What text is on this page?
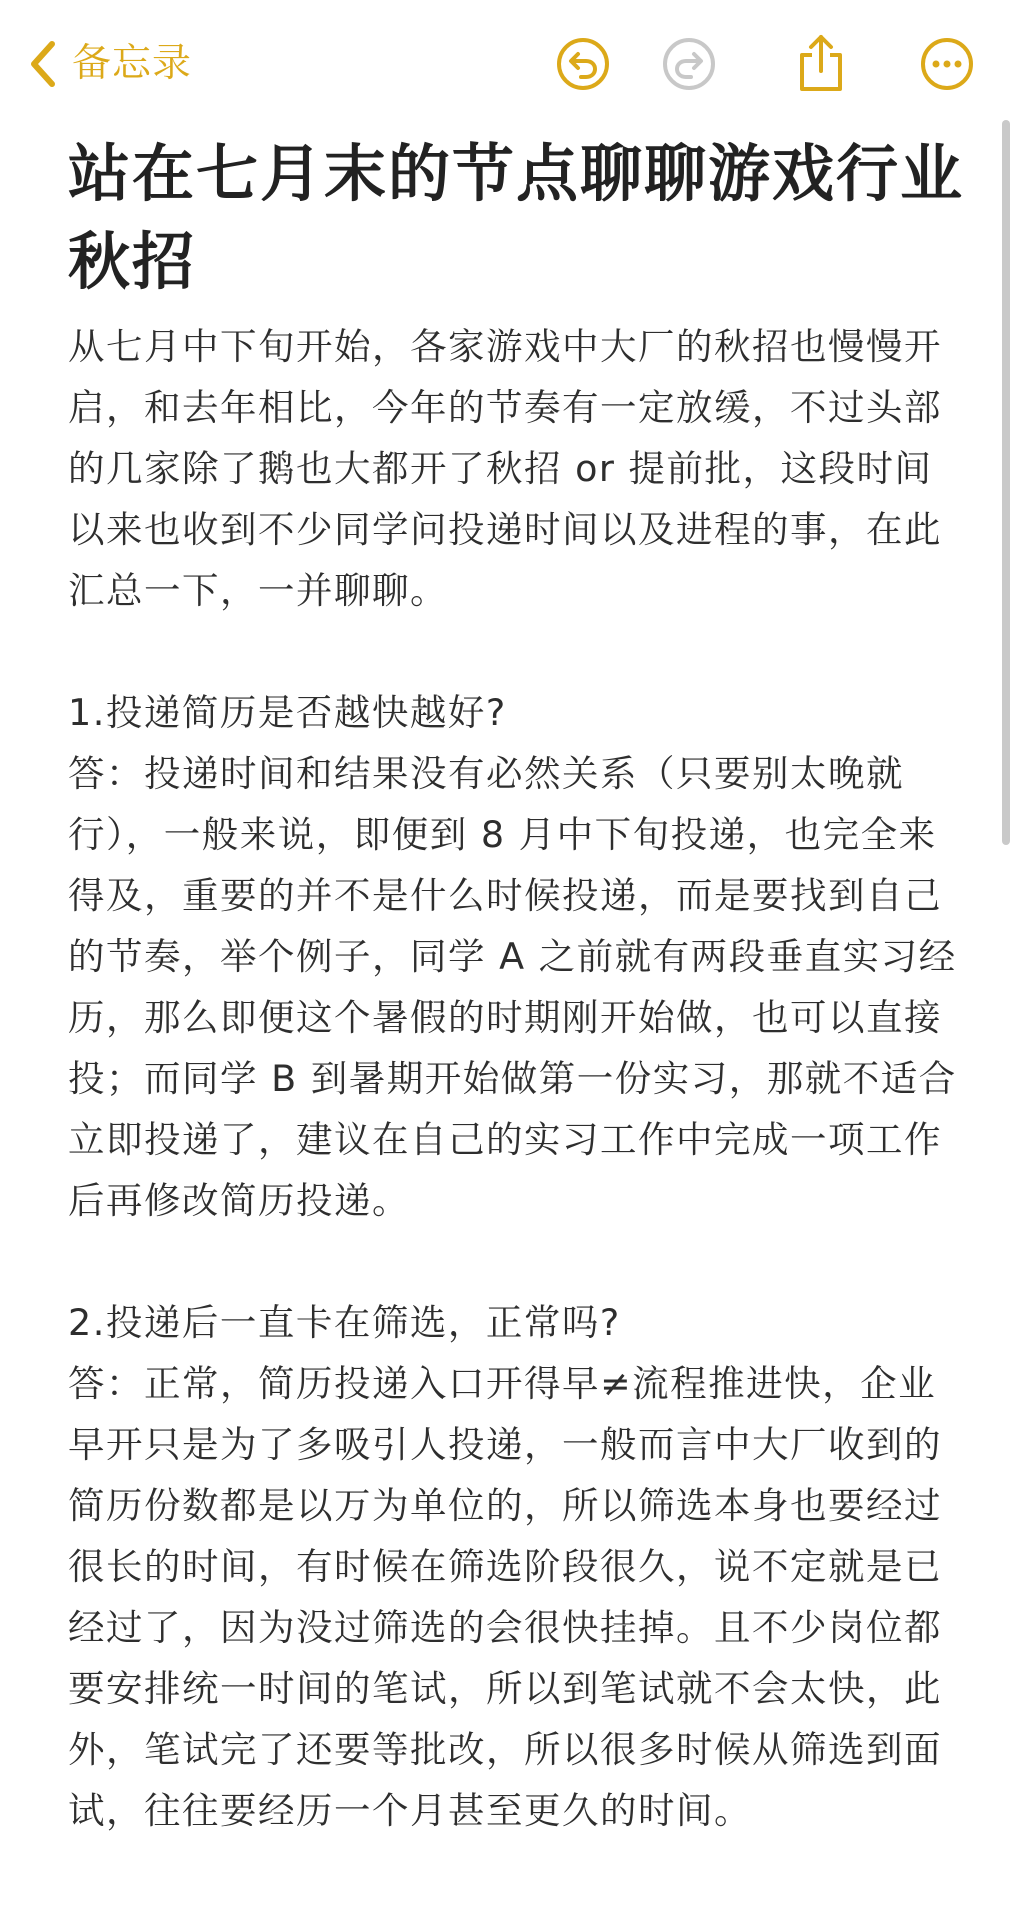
备忘录
站在七月末的节点聊聊游戏行业秋招
从七月中下旬开始，各家游戏中大厂的秋招也慢慢开启，和去年相比，今年的节奏有一定放缓，不过头部的几家除了鹅也大都开了秋招 or 提前批，这段时间以来也收到不少同学问投递时间以及进程的事，在此汇总一下，一并聊聊。

1.投递简历是否越快越好?
答：投递时间和结果没有必然关系（只要别太晚就行），一般来说，即便到 8 月中下旬投递，也完全来得及，重要的并不是什么时候投递，而是要找到自己的节奏，举个例子，同学 A 之前就有两段垂直实习经历，那么即便这个暑假的时期刚开始做，也可以直接投；而同学 B 到暑期开始做第一份实习，那就不适合立即投递了，建议在自己的实习工作中完成一项工作后再修改简历投递。

2.投递后一直卡在筛选，正常吗?
答：正常，简历投递入口开得早≠流程推进快，企业早开只是为了多吸引人投递，一般而言中大厂收到的简历份数都是以万为单位的，所以筛选本身也要经过很长的时间，有时候在筛选阶段很久，说不定就是已经过了，因为没过筛选的会很快挂掉。且不少岗位都要安排统一时间的笔试，所以到笔试就不会太快，此外，笔试完了还要等批改，所以很多时候从筛选到面试，往往要经历一个月甚至更久的时间。
